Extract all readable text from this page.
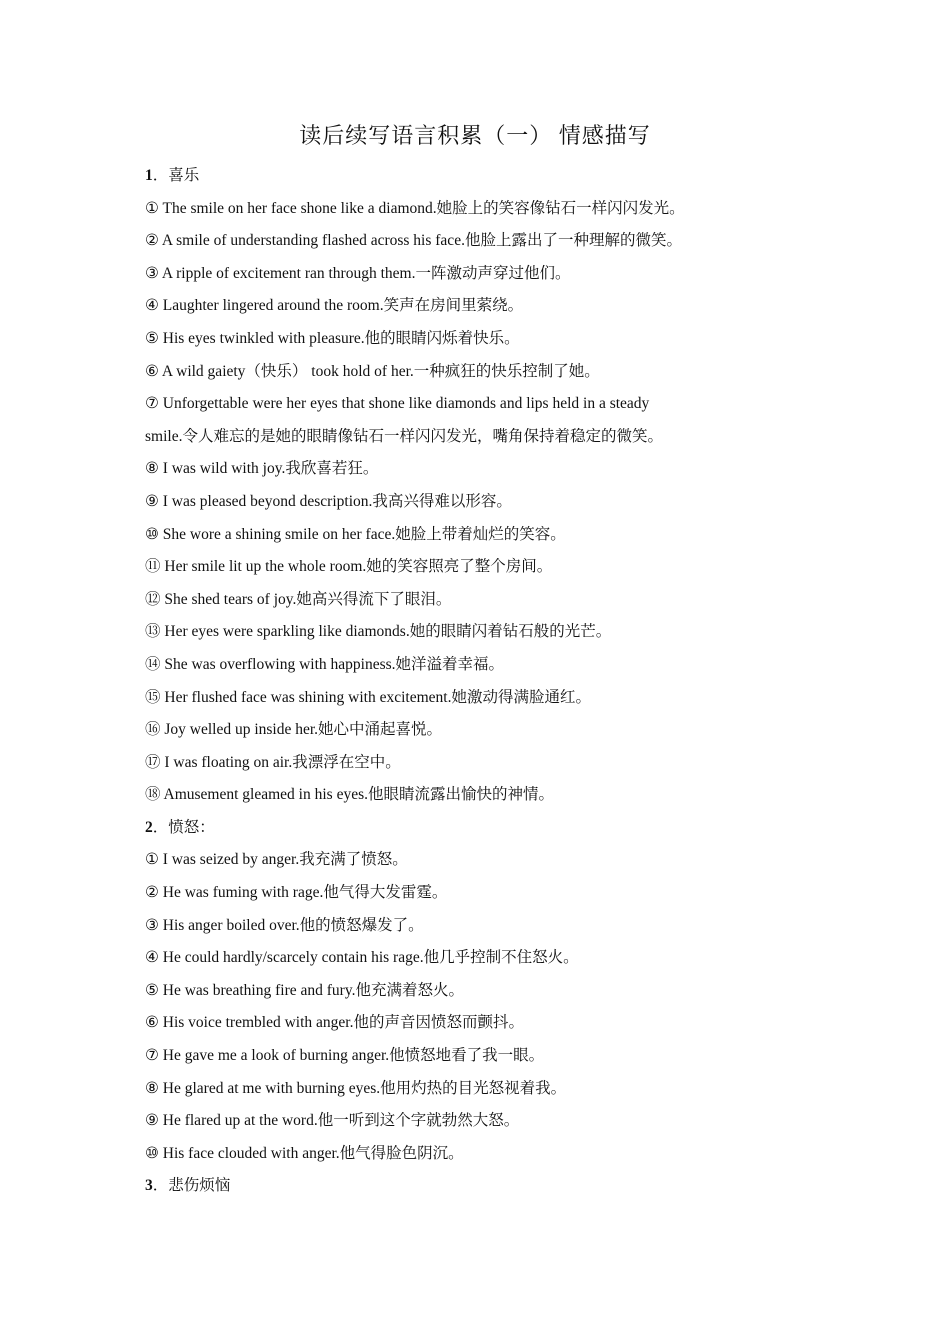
读后续写语言积累（一） 情感描写

1．喜乐

① The smile on her face shone like a diamond.她脸上的笑容像钻石一样闪闪发光。

② A smile of understanding flashed across his face.他脸上露出了一种理解的微笑。

③ A ripple of excitement ran through them.一阵激动声穿过他们。

④ Laughter lingered around the room.笑声在房间里萦绕。

⑤ His eyes twinkled with pleasure.他的眼睛闪烁着快乐。

⑥ A wild gaiety（快乐） took hold of her.一种疯狂的快乐控制了她。

⑦ Unforgettable were her eyes that shone like diamonds and lips held in a steady

smile.令人难忘的是她的眼睛像钻石一样闪闪发光，嘴角保持着稳定的微笑。

⑧ I was wild with joy.我欣喜若狂。

⑨ I was pleased beyond description.我高兴得难以形容。

⑩ She wore a shining smile on her face.她脸上带着灿烂的笑容。

⑪ Her smile lit up the whole room.她的笑容照亮了整个房间。

⑫ She shed tears of joy.她高兴得流下了眼泪。

⑬ Her eyes were sparkling like diamonds.她的眼睛闪着钻石般的光芒。

⑭ She was overflowing with happiness.她洋溢着幸福。

⑮ Her flushed face was shining with excitement.她激动得满脸通红。

⑯ Joy welled up inside her.她心中涌起喜悦。

⑰ I was floating on air.我漂浮在空中。

⑱ Amusement gleamed in his eyes.他眼睛流露出愉快的神情。

2．愤怒：

① I was seized by anger.我充满了愤怒。

② He was fuming with rage.他气得大发雷霆。

③ His anger boiled over.他的愤怒爆发了。

④ He could hardly/scarcely contain his rage.他几乎控制不住怒火。

⑤ He was breathing fire and fury.他充满着怒火。

⑥ His voice trembled with anger.他的声音因愤怒而颤抖。

⑦ He gave me a look of burning anger.他愤怒地看了我一眼。

⑧ He glared at me with burning eyes.他用灼热的目光怒视着我。

⑨ He flared up at the word.他一听到这个字就勃然大怒。

⑩ His face clouded with anger.他气得脸色阴沉。

3．悲伤烦恼
